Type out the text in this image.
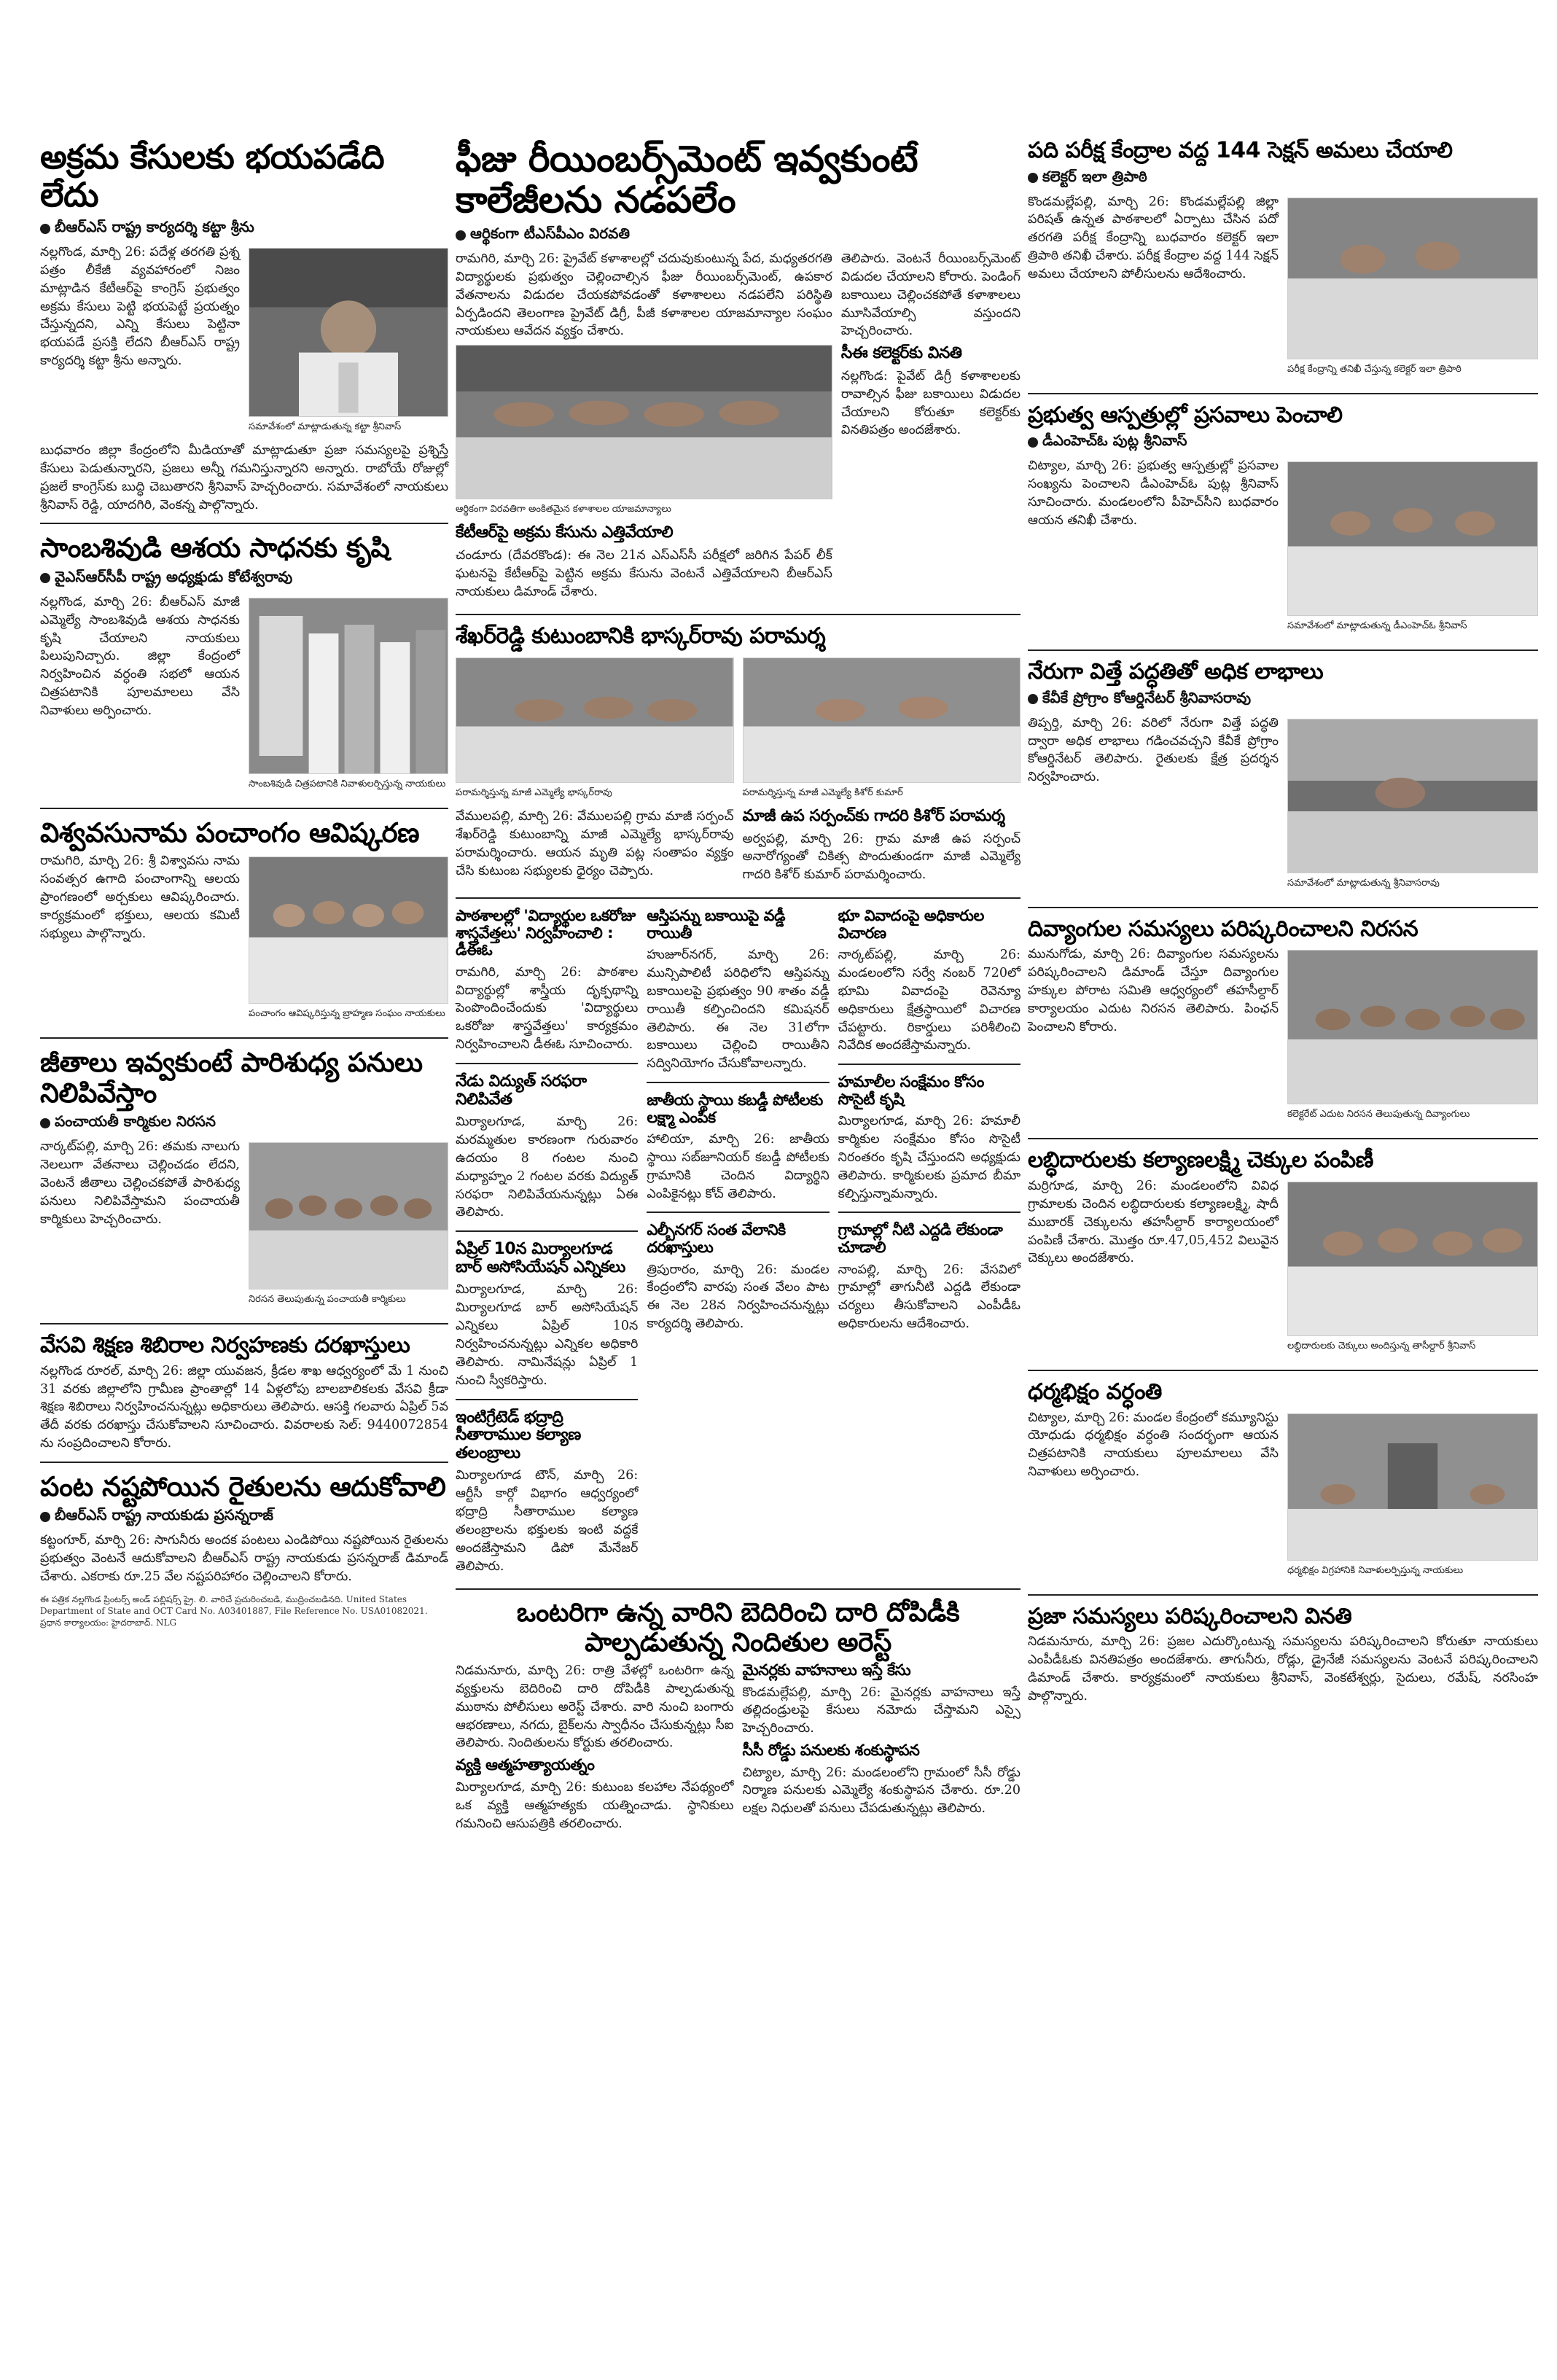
అక్రమ కేసులకు భయపడేది లేదు
బీఆర్ఎస్ రాష్ట్ర కార్యదర్శి కట్టా శ్రీను

నల్లగొండ, మార్చి 26: పదేళ్ల తరగతి ప్రశ్న పత్రం లీకేజీ వ్యవహారంలో నిజం మాట్లాడిన కేటీఆర్‌పై కాంగ్రెస్ ప్రభుత్వం అక్రమ కేసులు పెట్టి భయపెట్టే ప్రయత్నం చేస్తున్నదని, ఎన్ని కేసులు పెట్టినా భయపడే ప్రసక్తి లేదని బీఆర్ఎస్ రాష్ట్ర కార్యదర్శి కట్టా శ్రీను అన్నారు.

సమావేశంలో మాట్లాడుతున్న కట్టా శ్రీనివాస్

బుధవారం జిల్లా కేంద్రంలోని మీడియాతో మాట్లాడుతూ ప్రజా సమస్యలపై ప్రశ్నిస్తే కేసులు పెడుతున్నారని, ప్రజలు అన్నీ గమనిస్తున్నారని అన్నారు. రాబోయే రోజుల్లో ప్రజలే కాంగ్రెస్‌కు బుద్ధి చెబుతారని శ్రీనివాస్ హెచ్చరించారు. సమావేశంలో నాయకులు శ్రీనివాస్ రెడ్డి, యాదగిరి, వెంకన్న పాల్గొన్నారు.

సాంబశివుడి ఆశయ సాధనకు కృషి
వైఎస్ఆర్‌సీపీ రాష్ట్ర అధ్యక్షుడు కోటేశ్వరావు

నల్లగొండ, మార్చి 26: బీఆర్ఎస్ మాజీ ఎమ్మెల్యే సాంబశివుడి ఆశయ సాధనకు కృషి చేయాలని నాయకులు పిలుపునిచ్చారు. జిల్లా కేంద్రంలో నిర్వహించిన వర్ధంతి సభలో ఆయన చిత్రపటానికి పూలమాలలు వేసి నివాళులు అర్పించారు.

సాంబశివుడి చిత్రపటానికి నివాళులర్పిస్తున్న నాయకులు
విశ్వవసునామ పంచాంగం ఆవిష్కరణ

రామగిరి, మార్చి 26: శ్రీ విశ్వావసు నామ సంవత్సర ఉగాది పంచాంగాన్ని ఆలయ ప్రాంగణంలో అర్చకులు ఆవిష్కరించారు. కార్యక్రమంలో భక్తులు, ఆలయ కమిటీ సభ్యులు పాల్గొన్నారు.

పంచాంగం ఆవిష్కరిస్తున్న బ్రాహ్మణ సంఘం నాయకులు
జీతాలు ఇవ్వకుంటే పారిశుధ్య పనులు నిలిపివేస్తాం
పంచాయతీ కార్మికుల నిరసన

నార్కట్‌పల్లి, మార్చి 26: తమకు నాలుగు నెలలుగా వేతనాలు చెల్లించడం లేదని, వెంటనే జీతాలు చెల్లించకపోతే పారిశుధ్య పనులు నిలిపివేస్తామని పంచాయతీ కార్మికులు హెచ్చరించారు.

నిరసన తెలుపుతున్న పంచాయతీ కార్మికులు
వేసవి శిక్షణ శిబిరాల నిర్వహణకు దరఖాస్తులు

నల్లగొండ రూరల్, మార్చి 26: జిల్లా యువజన, క్రీడల శాఖ ఆధ్వర్యంలో మే 1 నుంచి 31 వరకు జిల్లాలోని గ్రామీణ ప్రాంతాల్లో 14 ఏళ్లలోపు బాలబాలికలకు వేసవి క్రీడా శిక్షణ శిబిరాలు నిర్వహించనున్నట్లు అధికారులు తెలిపారు. ఆసక్తి గలవారు ఏప్రిల్ 5వ తేదీ వరకు దరఖాస్తు చేసుకోవాలని సూచించారు. వివరాలకు సెల్: 9440072854 ను సంప్రదించాలని కోరారు.

పంట నష్టపోయిన రైతులను ఆదుకోవాలి
బీఆర్ఎస్ రాష్ట్ర నాయకుడు ప్రసన్నరాజ్

కట్టంగూర్, మార్చి 26: సాగునీరు అందక పంటలు ఎండిపోయి నష్టపోయిన రైతులను ప్రభుత్వం వెంటనే ఆదుకోవాలని బీఆర్ఎస్ రాష్ట్ర నాయకుడు ప్రసన్నరాజ్ డిమాండ్ చేశారు. ఎకరాకు రూ.25 వేల నష్టపరిహారం చెల్లించాలని కోరారు.

ఈ పత్రిక నల్లగొండ ప్రింటర్స్ అండ్ పబ్లిషర్స్ ప్రై. లి. వారిచే ప్రచురించబడి, ముద్రించబడినది. United States Department of State and OCT Card No. A03401887, File Reference No. USA01082021. ప్రధాన కార్యాలయం: హైదరాబాద్. NLG

ఫీజు రీయింబర్స్‌మెంట్ ఇవ్వకుంటే కాలేజీలను నడపలేం
ఆర్థికంగా టీఎస్‌పీఎం విరవతి

రామగిరి, మార్చి 26: ప్రైవేట్ కళాశాలల్లో చదువుకుంటున్న పేద, మధ్యతరగతి విద్యార్థులకు ప్రభుత్వం చెల్లించాల్సిన ఫీజు రీయింబర్స్‌మెంట్, ఉపకార వేతనాలను విడుదల చేయకపోవడంతో కళాశాలలు నడపలేని పరిస్థితి ఏర్పడిందని తెలంగాణ ప్రైవేట్ డిగ్రీ, పీజీ కళాశాలల యాజమాన్యాల సంఘం నాయకులు ఆవేదన వ్యక్తం చేశారు.

ఆర్థికంగా విరవతిగా అంకితమైన కళాశాలల యాజమాన్యాలు
కేటీఆర్‌పై అక్రమ కేసును ఎత్తివేయాలి

చండూరు (దేవరకొండ): ఈ నెల 21న ఎస్ఎస్‌సీ పరీక్షలో జరిగిన పేపర్ లీక్ ఘటనపై కేటీఆర్‌పై పెట్టిన అక్రమ కేసును వెంటనే ఎత్తివేయాలని బీఆర్ఎస్ నాయకులు డిమాండ్ చేశారు.

తెలిపారు. వెంటనే రీయింబర్స్‌మెంట్ విడుదల చేయాలని కోరారు. పెండింగ్ బకాయిలు చెల్లించకపోతే కళాశాలలు మూసివేయాల్సి వస్తుందని హెచ్చరించారు.

సీఈ కలెక్టర్‌కు వినతి

నల్లగొండ: పైవేట్ డిగ్రీ కళాశాలలకు రావాల్సిన ఫీజు బకాయిలు విడుదల చేయాలని కోరుతూ కలెక్టర్‌కు వినతిపత్రం అందజేశారు.

శేఖర్‌రెడ్డి కుటుంబానికి భాస్కర్‌రావు పరామర్శ
పరామర్శిస్తున్న మాజీ ఎమ్మెల్యే భాస్కర్‌రావు

వేములపల్లి, మార్చి 26: వేములపల్లి గ్రామ మాజీ సర్పంచ్ శేఖర్‌రెడ్డి కుటుంబాన్ని మాజీ ఎమ్మెల్యే భాస్కర్‌రావు పరామర్శించారు. ఆయన మృతి పట్ల సంతాపం వ్యక్తం చేసి కుటుంబ సభ్యులకు ధైర్యం చెప్పారు.

పరామర్శిస్తున్న మాజీ ఎమ్మెల్యే కిశోర్ కుమార్
మాజీ ఉప సర్పంచ్‌కు గాదరి కిశోర్ పరామర్శ

అర్వపల్లి, మార్చి 26: గ్రామ మాజీ ఉప సర్పంచ్ అనారోగ్యంతో చికిత్స పొందుతుండగా మాజీ ఎమ్మెల్యే గాదరి కిశోర్ కుమార్ పరామర్శించారు.

పాఠశాలల్లో 'విద్యార్థుల ఒకరోజు శాస్త్రవేత్తలు' నిర్వహించాలి : డీఈఓ

రామగిరి, మార్చి 26: పాఠశాల విద్యార్థుల్లో శాస్త్రీయ దృక్పథాన్ని పెంపొందించేందుకు 'విద్యార్థులు ఒకరోజు శాస్త్రవేత్తలు' కార్యక్రమం నిర్వహించాలని డీఈఓ సూచించారు.

నేడు విద్యుత్ సరఫరా నిలిపివేత

మిర్యాలగూడ, మార్చి 26: మరమ్మతుల కారణంగా గురువారం ఉదయం 8 గంటల నుంచి మధ్యాహ్నం 2 గంటల వరకు విద్యుత్ సరఫరా నిలిపివేయనున్నట్లు ఏఈ తెలిపారు.

ఏప్రిల్ 10న మిర్యాలగూడ బార్ అసోసియేషన్ ఎన్నికలు

మిర్యాలగూడ, మార్చి 26: మిర్యాలగూడ బార్ అసోసియేషన్ ఎన్నికలు ఏప్రిల్ 10న నిర్వహించనున్నట్లు ఎన్నికల అధికారి తెలిపారు. నామినేషన్లు ఏప్రిల్ 1 నుంచి స్వీకరిస్తారు.

ఇంటిగ్రేటెడ్ భద్రాద్రి సీతారాముల కల్యాణ తలంబ్రాలు

మిర్యాలగూడ టౌన్, మార్చి 26: ఆర్టీసీ కార్గో విభాగం ఆధ్వర్యంలో భద్రాద్రి సీతారాముల కల్యాణ తలంబ్రాలను భక్తులకు ఇంటి వద్దకే అందజేస్తామని డిపో మేనేజర్ తెలిపారు.

ఆస్తిపన్ను బకాయిపై వడ్డీ రాయితీ

హుజూర్‌నగర్, మార్చి 26: మున్సిపాలిటీ పరిధిలోని ఆస్తిపన్ను బకాయిలపై ప్రభుత్వం 90 శాతం వడ్డీ రాయితీ కల్పించిందని కమిషనర్ తెలిపారు. ఈ నెల 31లోగా బకాయిలు చెల్లించి రాయితీని సద్వినియోగం చేసుకోవాలన్నారు.

జాతీయ స్థాయి కబడ్డీ పోటీలకు లక్ష్మా ఎంపిక

హాలియా, మార్చి 26: జాతీయ స్థాయి సబ్‌జూనియర్ కబడ్డీ పోటీలకు గ్రామానికి చెందిన విద్యార్థిని ఎంపికైనట్లు కోచ్ తెలిపారు.

ఎల్బీనగర్ సంత వేలానికి దరఖాస్తులు

త్రిపురారం, మార్చి 26: మండల కేంద్రంలోని వారపు సంత వేలం పాట ఈ నెల 28న నిర్వహించనున్నట్లు కార్యదర్శి తెలిపారు.

భూ వివాదంపై అధికారుల విచారణ

నార్కట్‌పల్లి, మార్చి 26: మండలంలోని సర్వే నంబర్ 720లో భూమి వివాదంపై రెవెన్యూ అధికారులు క్షేత్రస్థాయిలో విచారణ చేపట్టారు. రికార్డులు పరిశీలించి నివేదిక అందజేస్తామన్నారు.

హమాలీల సంక్షేమం కోసం సొసైటీ కృషి

మిర్యాలగూడ, మార్చి 26: హమాలీ కార్మికుల సంక్షేమం కోసం సొసైటీ నిరంతరం కృషి చేస్తుందని అధ్యక్షుడు తెలిపారు. కార్మికులకు ప్రమాద బీమా కల్పిస్తున్నామన్నారు.

గ్రామాల్లో నీటి ఎద్దడి లేకుండా చూడాలి

నాంపల్లి, మార్చి 26: వేసవిలో గ్రామాల్లో తాగునీటి ఎద్దడి లేకుండా చర్యలు తీసుకోవాలని ఎంపీడీఓ అధికారులను ఆదేశించారు.

ఒంటరిగా ఉన్న వారిని బెదిరించి దారి దోపిడీకి పాల్పడుతున్న నిందితుల అరెస్ట్

నిడమనూరు, మార్చి 26: రాత్రి వేళల్లో ఒంటరిగా ఉన్న వ్యక్తులను బెదిరించి దారి దోపిడీకి పాల్పడుతున్న ముఠాను పోలీసులు అరెస్ట్ చేశారు. వారి నుంచి బంగారు ఆభరణాలు, నగదు, బైక్‌లను స్వాధీనం చేసుకున్నట్లు సీఐ తెలిపారు. నిందితులను కోర్టుకు తరలించారు.

వ్యక్తి ఆత్మహత్యాయత్నం

మిర్యాలగూడ, మార్చి 26: కుటుంబ కలహాల నేపథ్యంలో ఒక వ్యక్తి ఆత్మహత్యకు యత్నించాడు. స్థానికులు గమనించి ఆసుపత్రికి తరలించారు.

మైనర్లకు వాహనాలు ఇస్తే కేసు

కొండమల్లేపల్లి, మార్చి 26: మైనర్లకు వాహనాలు ఇస్తే తల్లిదండ్రులపై కేసులు నమోదు చేస్తామని ఎస్సై హెచ్చరించారు.

సీసీ రోడ్డు పనులకు శంకుస్థాపన

చిట్యాల, మార్చి 26: మండలంలోని గ్రామంలో సీసీ రోడ్డు నిర్మాణ పనులకు ఎమ్మెల్యే శంకుస్థాపన చేశారు. రూ.20 లక్షల నిధులతో పనులు చేపడుతున్నట్లు తెలిపారు.

పది పరీక్ష కేంద్రాల వద్ద 144 సెక్షన్ అమలు చేయాలి
కలెక్టర్ ఇలా త్రిపాఠి

కొండమల్లేపల్లి, మార్చి 26: కొండమల్లేపల్లి జిల్లా పరిషత్ ఉన్నత పాఠశాలలో ఏర్పాటు చేసిన పదో తరగతి పరీక్ష కేంద్రాన్ని బుధవారం కలెక్టర్ ఇలా త్రిపాఠి తనిఖీ చేశారు. పరీక్ష కేంద్రాల వద్ద 144 సెక్షన్ అమలు చేయాలని పోలీసులను ఆదేశించారు.

పరీక్ష కేంద్రాన్ని తనిఖీ చేస్తున్న కలెక్టర్ ఇలా త్రిపాఠి
ప్రభుత్వ ఆస్పత్రుల్లో ప్రసవాలు పెంచాలి
డీఎంహెచ్ఓ పుట్ల శ్రీనివాస్

చిట్యాల, మార్చి 26: ప్రభుత్వ ఆస్పత్రుల్లో ప్రసవాల సంఖ్యను పెంచాలని డీఎంహెచ్ఓ పుట్ల శ్రీనివాస్ సూచించారు. మండలంలోని పీహెచ్‌సీని బుధవారం ఆయన తనిఖీ చేశారు.

సమావేశంలో మాట్లాడుతున్న డీఎంహెచ్ఓ శ్రీనివాస్
నేరుగా విత్తే పద్ధతితో అధిక లాభాలు
కేవీకే ప్రోగ్రాం కోఆర్డినేటర్ శ్రీనివాసరావు

తిప్పర్తి, మార్చి 26: వరిలో నేరుగా విత్తే పద్ధతి ద్వారా అధిక లాభాలు గడించవచ్చని కేవీకే ప్రోగ్రాం కోఆర్డినేటర్ తెలిపారు. రైతులకు క్షేత్ర ప్రదర్శన నిర్వహించారు.

సమావేశంలో మాట్లాడుతున్న శ్రీనివాసరావు
దివ్యాంగుల సమస్యలు పరిష్కరించాలని నిరసన

మునుగోడు, మార్చి 26: దివ్యాంగుల సమస్యలను పరిష్కరించాలని డిమాండ్ చేస్తూ దివ్యాంగుల హక్కుల పోరాట సమితి ఆధ్వర్యంలో తహసీల్దార్ కార్యాలయం ఎదుట నిరసన తెలిపారు. పింఛన్ పెంచాలని కోరారు.

కలెక్టరేట్ ఎదుట నిరసన తెలుపుతున్న దివ్యాంగులు
లబ్ధిదారులకు కల్యాణలక్ష్మి చెక్కుల పంపిణీ

మర్రిగూడ, మార్చి 26: మండలంలోని వివిధ గ్రామాలకు చెందిన లబ్ధిదారులకు కల్యాణలక్ష్మి, షాదీ ముబారక్ చెక్కులను తహసీల్దార్ కార్యాలయంలో పంపిణీ చేశారు. మొత్తం రూ.47,05,452 విలువైన చెక్కులు అందజేశారు.

లబ్ధిదారులకు చెక్కులు అందిస్తున్న తాసీల్దార్ శ్రీనివాస్
ధర్మభిక్షం వర్ధంతి

చిట్యాల, మార్చి 26: మండల కేంద్రంలో కమ్యూనిస్టు యోధుడు ధర్మభిక్షం వర్ధంతి సందర్భంగా ఆయన చిత్రపటానికి నాయకులు పూలమాలలు వేసి నివాళులు అర్పించారు.

ధర్మభిక్షం విగ్రహానికి నివాళులర్పిస్తున్న నాయకులు
ప్రజా సమస్యలు పరిష్కరించాలని వినతి

నిడమనూరు, మార్చి 26: ప్రజల ఎదుర్కొంటున్న సమస్యలను పరిష్కరించాలని కోరుతూ నాయకులు ఎంపీడీఓకు వినతిపత్రం అందజేశారు. తాగునీరు, రోడ్లు, డ్రైనేజీ సమస్యలను వెంటనే పరిష్కరించాలని డిమాండ్ చేశారు. కార్యక్రమంలో నాయకులు శ్రీనివాస్, వెంకటేశ్వర్లు, సైదులు, రమేష్, నరసింహ పాల్గొన్నారు.
